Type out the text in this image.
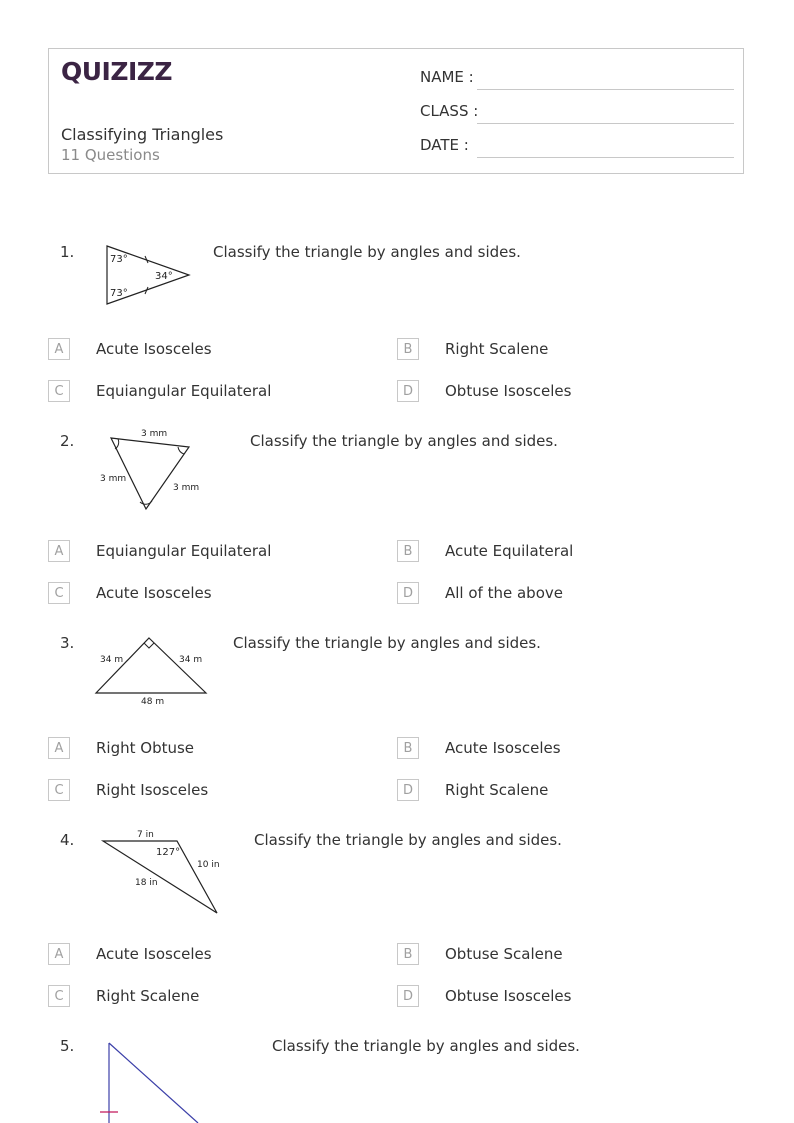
QUIZIZZ
Classifying Triangles
11 Questions
NAME :
CLASS :
DATE :
1.	73°
73°
34°
Classify the triangle by angles and sides.
A	Acute Isosceles	B	Right Scalene
C	Equiangular Equilateral	D	Obtuse Isosceles
2.	3 mm
3 mm
3 mm
Classify the triangle by angles and sides.
A	Equiangular Equilateral	B	Acute Equilateral
C	Acute Isosceles	D	All of the above
3.
34 m	34 m
48 m
Classify the triangle by angles and sides.
A	Right Obtuse	B	Acute Isosceles
C	Right Isosceles	D	Right Scalene
4.	7 in
127°
10 in
18 in
Classify the triangle by angles and sides.
A	Acute Isosceles	B	Obtuse Scalene
C	Right Scalene	D	Obtuse Isosceles
5.	Classify the triangle by angles and sides.
